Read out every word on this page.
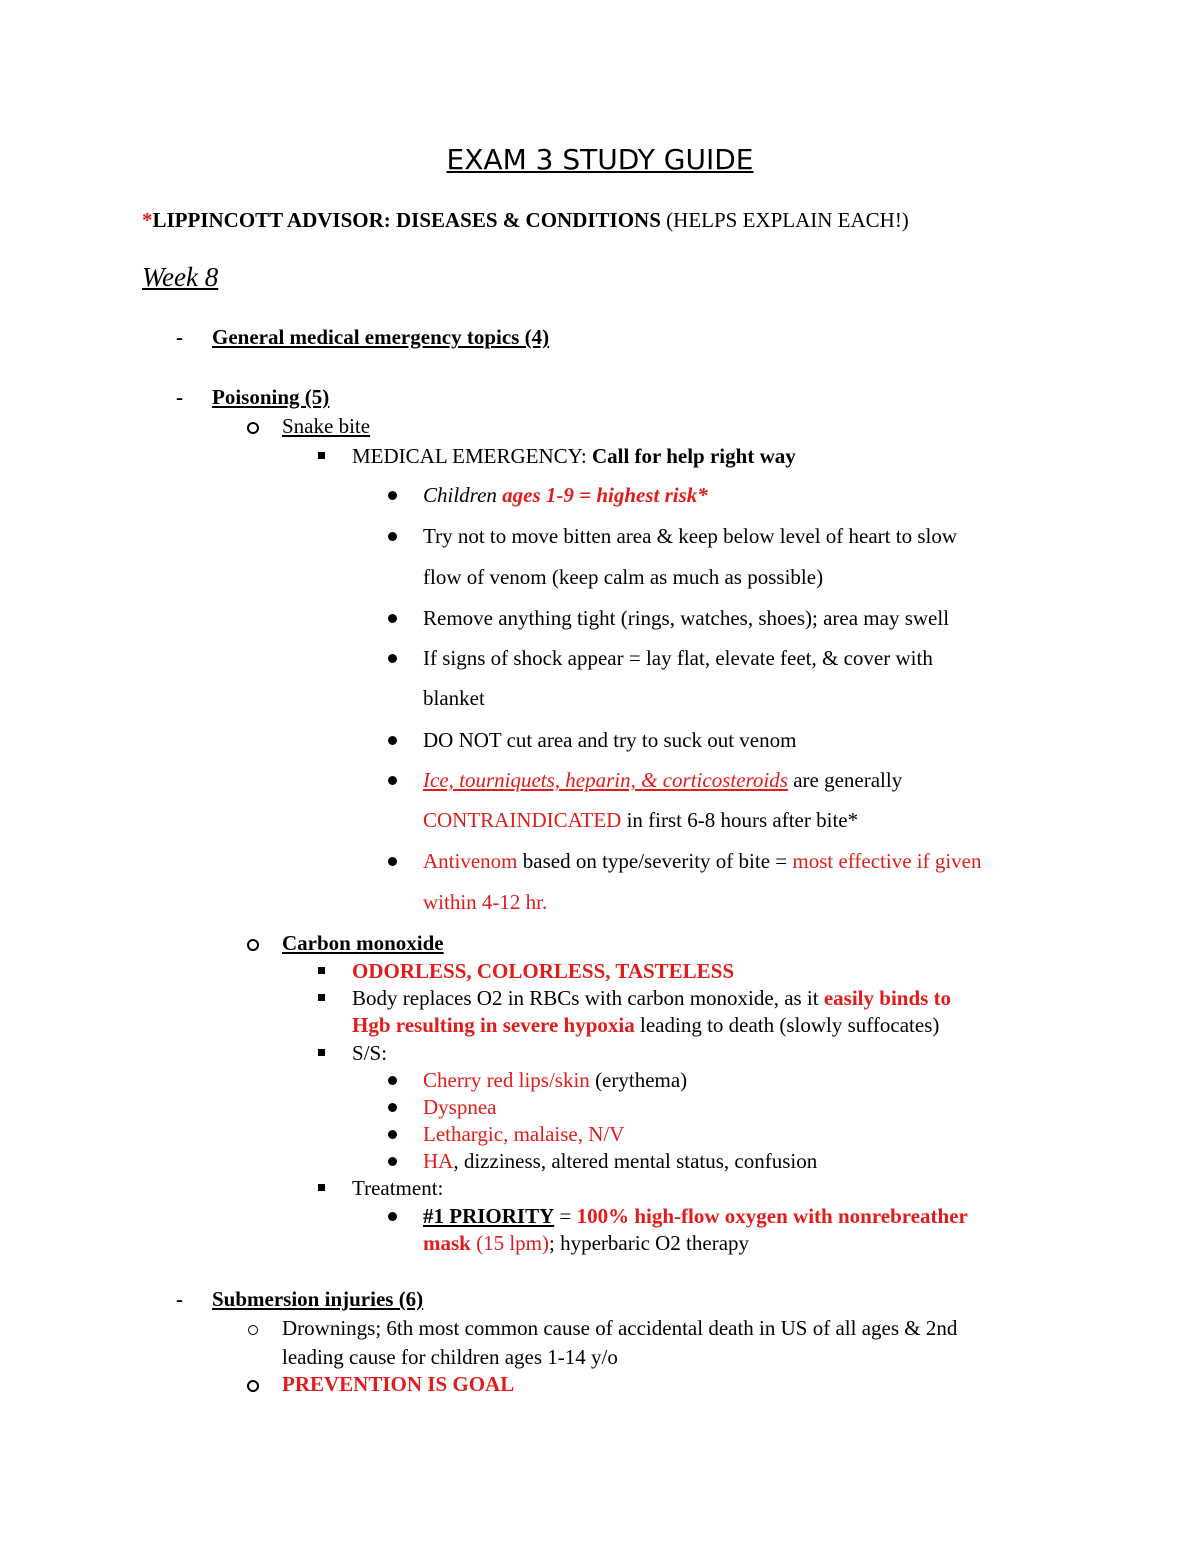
EXAM 3 STUDY GUIDE
*LIPPINCOTT ADVISOR: DISEASES & CONDITIONS (HELPS EXPLAIN EACH!)
Week 8
- General medical emergency topics (4)
- Poisoning (5)
Snake bite
MEDICAL EMERGENCY: Call for help right way
Children ages 1-9 = highest risk*
Try not to move bitten area & keep below level of heart to slow
flow of venom (keep calm as much as possible)
Remove anything tight (rings, watches, shoes); area may swell
If signs of shock appear = lay flat, elevate feet, & cover with
blanket
DO NOT cut area and try to suck out venom
Ice, tourniquets, heparin, & corticosteroids are generally
CONTRAINDICATED in first 6-8 hours after bite*
Antivenom based on type/severity of bite = most effective if given
within 4-12 hr.
Carbon monoxide
ODORLESS, COLORLESS, TASTELESS
Body replaces O2 in RBCs with carbon monoxide, as it easily binds to
Hgb resulting in severe hypoxia leading to death (slowly suffocates)
S/S:
Cherry red lips/skin (erythema)
Dyspnea
Lethargic, malaise, N/V
HA, dizziness, altered mental status, confusion
Treatment:
#1 PRIORITY = 100% high-flow oxygen with nonrebreather
mask (15 lpm); hyperbaric O2 therapy
- Submersion injuries (6)
Drownings; 6th most common cause of accidental death in US of all ages & 2nd
leading cause for children ages 1-14 y/o
PREVENTION IS GOAL
